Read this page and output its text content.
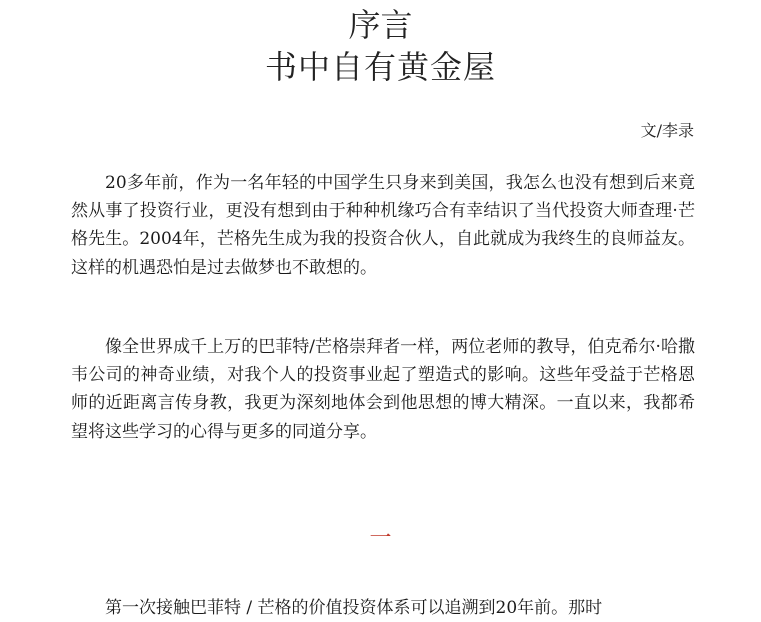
序言
书中自有黄金屋
文/李录

20多年前，作为一名年轻的中国学生只身来到美国，我怎么也没有想到后来竟然从事了投资行业，更没有想到由于种种机缘巧合有幸结识了当代投资大师查理·芒格先生。2004年，芒格先生成为我的投资合伙人，自此就成为我终生的良师益友。这样的机遇恐怕是过去做梦也不敢想的。

像全世界成千上万的巴菲特/芒格崇拜者一样，两位老师的教导，伯克希尔·哈撒韦公司的神奇业绩，对我个人的投资事业起了塑造式的影响。这些年受益于芒格恩师的近距离言传身教，我更为深刻地体会到他思想的博大精深。一直以来，我都希望将这些学习的心得与更多的同道分享。

一

第一次接触巴菲特 / 芒格的价值投资体系可以追溯到20年前。那时
